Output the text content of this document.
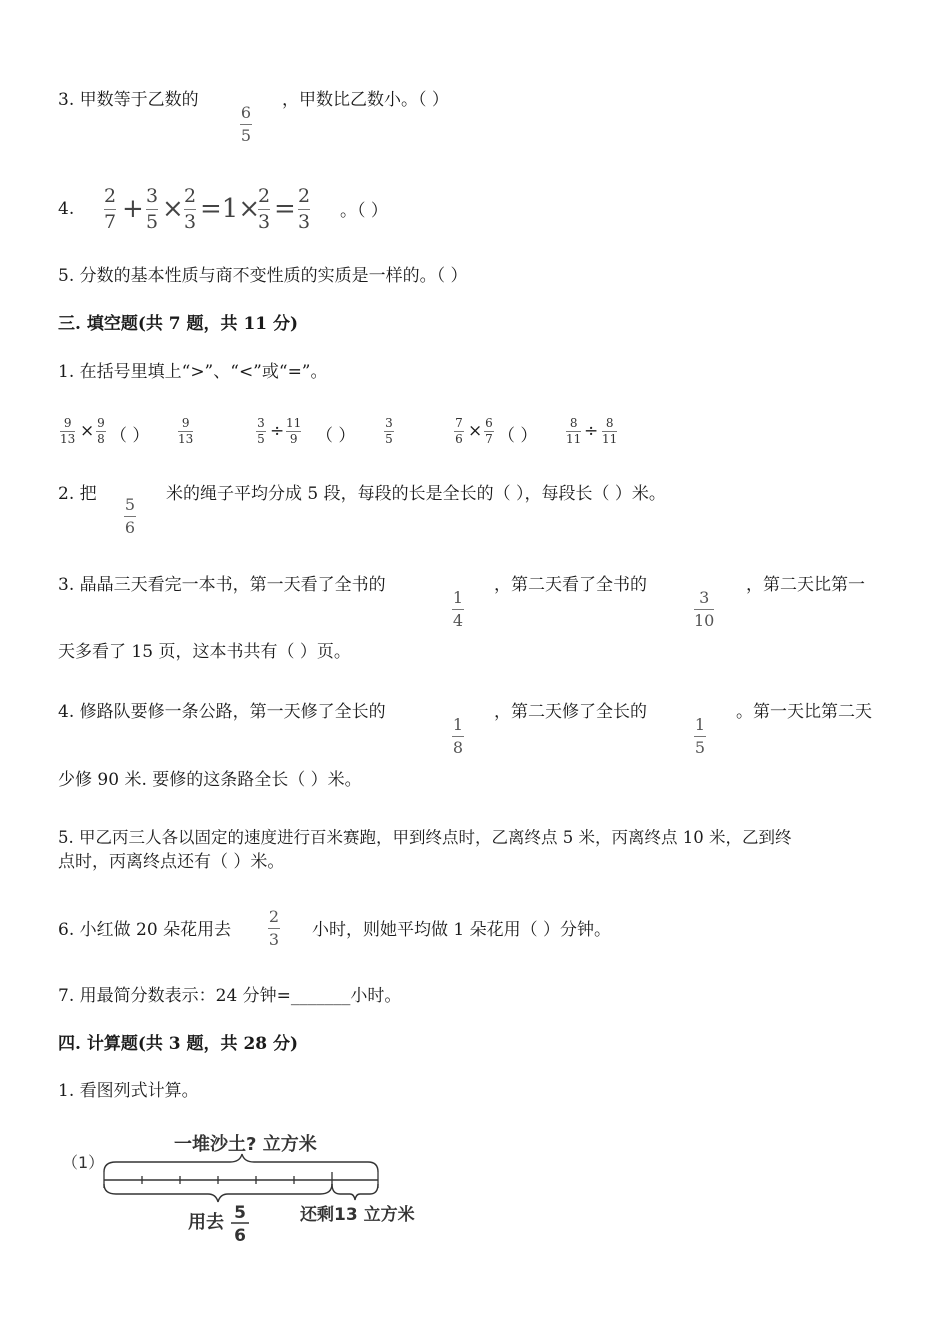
3. 甲数等于乙数的
6
5
，甲数比乙数小。（ ）
4.
2
7 + 3
5 × 2
3 =1×
2
3 = 2
3 。（ ）
5. 分数的基本性质与商不变性质的实质是一样的。（ ）
三. 填空题(共 7 题，共 11 分)
1. 在括号里填上“>”、“<”或“=”。
9
13 × 9
8 （ ）
9
13
3
5 ÷ 11
9 （ ）
3
5
7
6 × 6
7 （ ）
8
11 ÷ 8
11
2. 把
5
6
米的绳子平均分成 5 段，每段的长是全长的（ ），每段长（ ）米。
3. 晶晶三天看完一本书，第一天看了全书的
1
4
，第二天看了全书的
3
10
，第二天比第一
天多看了 15 页，这本书共有（ ）页。
4. 修路队要修一条公路，第一天修了全长的
1
8
，第二天修了全长的
1
5
。第一天比第二天
少修 90 米. 要修的这条路全长（ ）米。
5. 甲乙丙三人各以固定的速度进行百米赛跑，甲到终点时，乙离终点 5 米，丙离终点 10 米，乙到终
点时，丙离终点还有（ ）米。
6. 小红做 20 朵花用去
2
3 小时，则她平均做 1 朵花用（ ）分钟。
7. 用最简分数表示：24 分钟=_______小时。
四. 计算题(共 3 题，共 28 分)
1. 看图列式计算。
（1）
一堆沙土? 立方米
用去 5
6
还剩13 立方米
